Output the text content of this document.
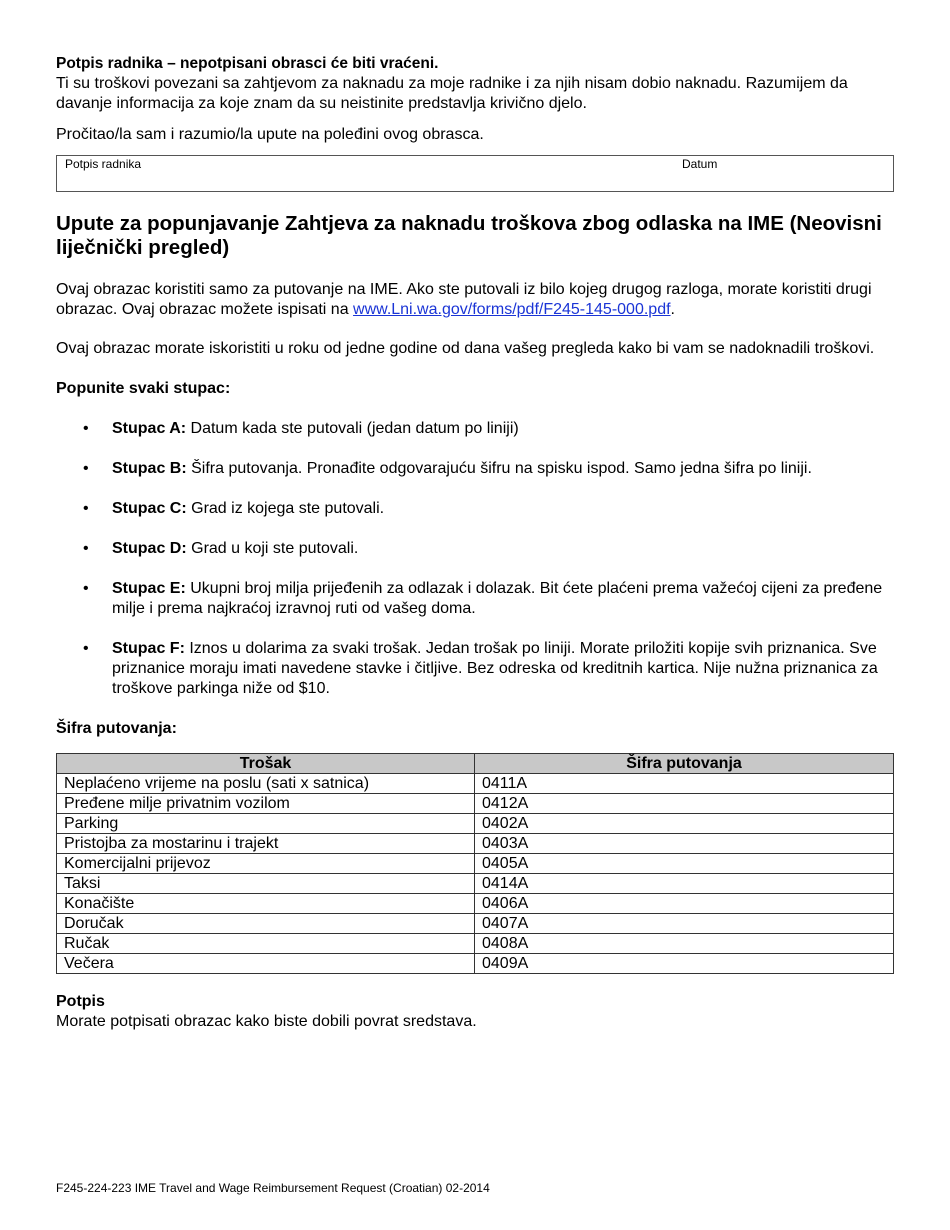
Potpis radnika – nepotpisani obrasci će biti vraćeni.

Ti su troškovi povezani sa zahtjevom za naknadu za moje radnike i za njih nisam dobio naknadu. Razumijem da davanje informacija za koje znam da su neistinite predstavlja krivično djelo.

Pročitao/la sam i razumio/la upute na poleđini ovog obrasca.

Potpis radnika	Datum
Upute za popunjavanje Zahtjeva za naknadu troškova zbog odlaska na IME (Neovisni liječnički pregled)

Ovaj obrazac koristiti samo za putovanje na IME. Ako ste putovali iz bilo kojeg drugog razloga, morate koristiti drugi obrazac. Ovaj obrazac možete ispisati na www.Lni.wa.gov/forms/pdf/F245-145-000.pdf.

Ovaj obrazac morate iskoristiti u roku od jedne godine od dana vašeg pregleda kako bi vam se nadoknadili troškovi.

Popunite svaki stupac:

• Stupac A: Datum kada ste putovali (jedan datum po liniji)
• Stupac B: Šifra putovanja. Pronađite odgovarajuću šifru na spisku ispod. Samo jedna šifra po liniji.
• Stupac C: Grad iz kojega ste putovali.
• Stupac D: Grad u koji ste putovali.
• Stupac E: Ukupni broj milja prijeđenih za odlazak i dolazak. Bit ćete plaćeni prema važećoj cijeni za pređene milje i prema najkraćoj izravnoj ruti od vašeg doma.
• Stupac F: Iznos u dolarima za svaki trošak. Jedan trošak po liniji. Morate priložiti kopije svih priznanica. Sve priznanice moraju imati navedene stavke i čitljive. Bez odreska od kreditnih kartica. Nije nužna priznanica za troškove parkinga niže od $10.

Šifra putovanja:

Trošak	Šifra putovanja
Neplaćeno vrijeme na poslu (sati x satnica)	0411A
Pređene milje privatnim vozilom	0412A
Parking	0402A
Pristojba za mostarinu i trajekt	0403A
Komercijalni prijevoz	0405A
Taksi	0414A
Konačište	0406A
Doručak	0407A
Ručak	0408A
Večera	0409A

Potpis

Morate potpisati obrazac kako biste dobili povrat sredstava.

F245-224-223 IME Travel and Wage Reimbursement Request (Croatian) 02-2014
